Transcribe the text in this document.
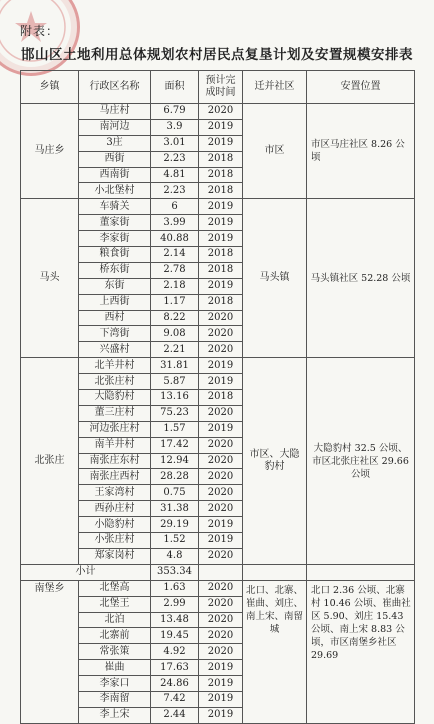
附表：
邯山区土地利用总体规划农村居民点复垦计划及安置规模安排表
乡镇	行政区名称	面积	预计完成时间	迁并社区	安置位置
马庄乡	马庄村	6.79	2020	市区	市区马庄社区 8.26 公顷
	南河边	3.9	2019		
	3庄	3.01	2019		
	西街	2.23	2018		
	西南街	4.81	2018		
	小北堡村	2.23	2018		
马头	车骑关	6	2019	马头镇	马头镇社区 52.28 公顷
	董家街	3.99	2019		
	李家街	40.88	2019		
	粮食街	2.14	2018		
	桥东街	2.78	2018		
	东街	2.18	2019		
	上西街	1.17	2018		
	西村	8.22	2020		
	下湾街	9.08	2020		
	兴盛村	2.21	2020		
北张庄	北羊井村	31.81	2019	市区、大隐豹村	大隐豹村 32.5 公顷、市区北张庄社区 29.66 公顷
	北张庄村	5.87	2019		
	大隐豹村	13.16	2018		
	董三庄村	75.23	2020		
	河边张庄村	1.57	2019		
	南羊井村	17.42	2020		
	南张庄东村	12.94	2020		
	南张庄西村	28.28	2020		
	王家湾村	0.75	2020		
	西孙庄村	31.38	2020		
	小隐豹村	29.19	2019		
	小张庄村	1.52	2019		
	郑家岗村	4.8	2020		
小计		353.34			
南堡乡	北堡高	1.63	2020	北口、北寨、崔曲、刘庄、南上宋、南留城	北口 2.36 公顷、北寨村 10.46 公顷、崔曲社区 5.90、刘庄 15.43 公顷、南上宋 8.83 公顷，市区南堡乡社区 29.69
	北堡王	2.99	2020		
	北泊	13.48	2020		
	北寨前	19.45	2020		
	常张策	4.92	2020		
	崔曲	17.63	2019		
	李家口	24.86	2019		
	李南留	7.42	2019		
	李上宋	2.44	2019		
